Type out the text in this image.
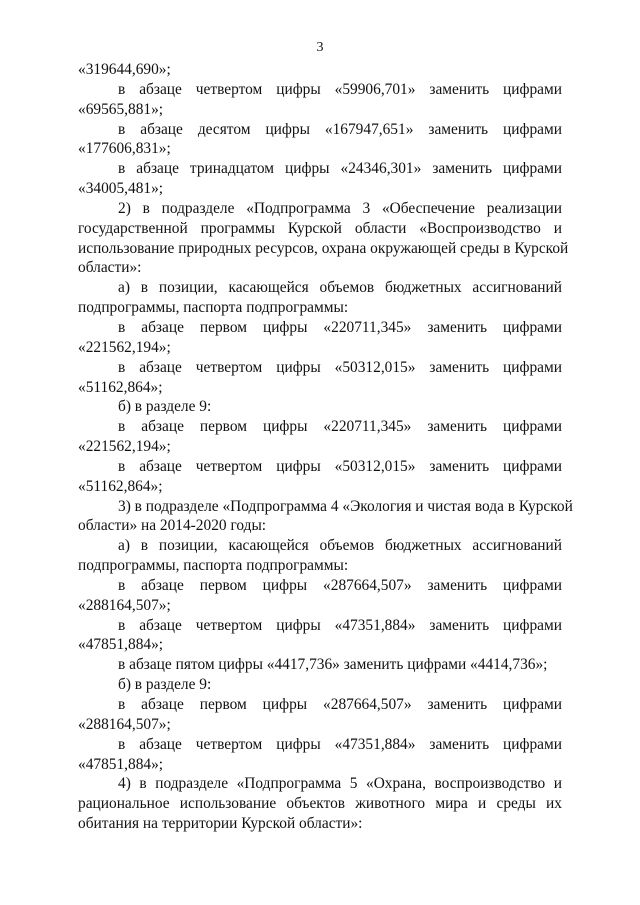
3
«319644,690»;
в абзаце четвертом цифры «59906,701» заменить цифрами
«69565,881»;
в абзаце десятом цифры «167947,651» заменить цифрами
«177606,831»;
в абзаце тринадцатом цифры «24346,301» заменить цифрами
«34005,481»;
2) в подразделе «Подпрограмма 3 «Обеспечение реализации
государственной программы Курской области «Воспроизводство и
использование природных ресурсов, охрана окружающей среды в Курской
области»:
а) в позиции, касающейся объемов бюджетных ассигнований
подпрограммы, паспорта подпрограммы:
в абзаце первом цифры «220711,345» заменить цифрами
«221562,194»;
в абзаце четвертом цифры «50312,015» заменить цифрами
«51162,864»;
б) в разделе 9:
в абзаце первом цифры «220711,345» заменить цифрами
«221562,194»;
в абзаце четвертом цифры «50312,015» заменить цифрами
«51162,864»;
3) в подразделе «Подпрограмма 4 «Экология и чистая вода в Курской
области» на 2014-2020 годы:
а) в позиции, касающейся объемов бюджетных ассигнований
подпрограммы, паспорта подпрограммы:
в абзаце первом цифры «287664,507» заменить цифрами
«288164,507»;
в абзаце четвертом цифры «47351,884» заменить цифрами
«47851,884»;
в абзаце пятом цифры «4417,736» заменить цифрами «4414,736»;
б) в разделе 9:
в абзаце первом цифры «287664,507» заменить цифрами
«288164,507»;
в абзаце четвертом цифры «47351,884» заменить цифрами
«47851,884»;
4) в подразделе «Подпрограмма 5 «Охрана, воспроизводство и
рациональное использование объектов животного мира и среды их
обитания на территории Курской области»:
